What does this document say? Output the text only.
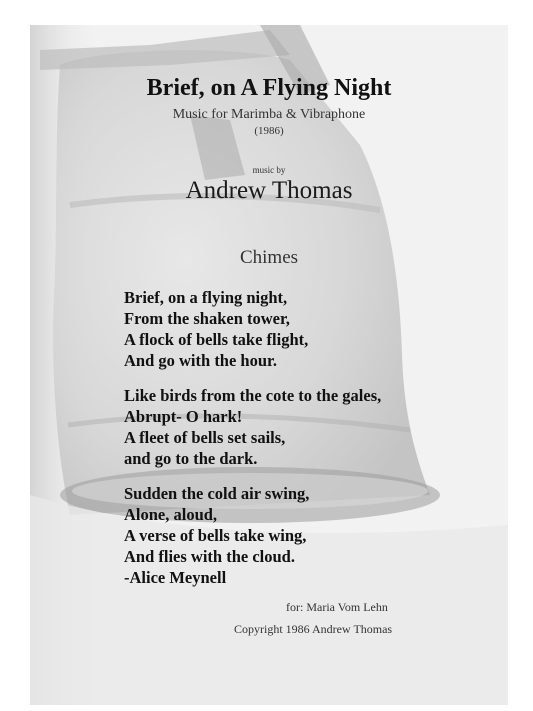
Brief, on A Flying Night
Music for Marimba & Vibraphone
(1986)
music by
Andrew Thomas
Chimes
Brief, on a flying night,
From the shaken tower,
A flock of bells take flight,
And go with the hour.
Like birds from the cote to the gales,
Abrupt- O hark!
A fleet of bells set sails,
and go to the dark.
Sudden the cold air swing,
Alone, aloud,
A verse of bells take wing,
And flies with the cloud.
-Alice Meynell
for: Maria Vom Lehn
Copyright 1986 Andrew Thomas
